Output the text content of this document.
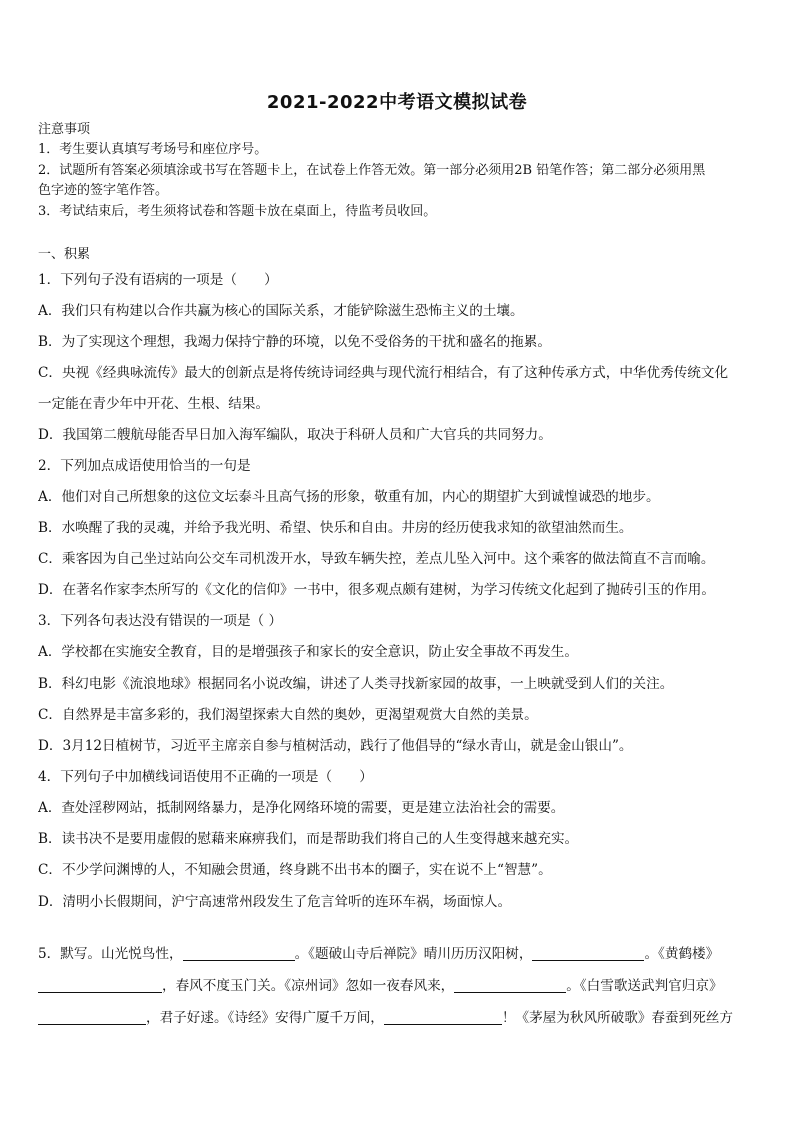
2021-2022中考语文模拟试卷
注意事项
1．考生要认真填写考场号和座位序号。
2．试题所有答案必须填涂或书写在答题卡上，在试卷上作答无效。第一部分必须用2B 铅笔作答；第二部分必须用黑
色字迹的签字笔作答。
3．考试结束后，考生须将试卷和答题卡放在桌面上，待监考员收回。
一、积累
1．下列句子没有语病的一项是（　　）
A．我们只有构建以合作共赢为核心的国际关系，才能铲除滋生恐怖主义的土壤。
B．为了实现这个理想，我竭力保持宁静的环境，以免不受俗务的干扰和盛名的拖累。
C．央视《经典咏流传》最大的创新点是将传统诗词经典与现代流行相结合，有了这种传承方式，中华优秀传统文化
一定能在青少年中开花、生根、结果。
D．我国第二艘航母能否早日加入海军编队，取决于科研人员和广大官兵的共同努力。
2．下列加点成语使用恰当的一句是
A．他们对自己所想象的这位文坛泰斗且高气扬的形象，敬重有加，内心的期望扩大到诚惶诚恐的地步。
B．水唤醒了我的灵魂，并给予我光明、希望、快乐和自由。井房的经历使我求知的欲望油然而生。
C．乘客因为自己坐过站向公交车司机泼开水，导致车辆失控，差点儿坠入河中。这个乘客的做法简直不言而喻。
D．在著名作家李杰所写的《文化的信仰》一书中，很多观点颇有建树，为学习传统文化起到了抛砖引玉的作用。
3．下列各句表达没有错误的一项是（ ）
A．学校都在实施安全教育，目的是增强孩子和家长的安全意识，防止安全事故不再发生。
B．科幻电影《流浪地球》根据同名小说改编，讲述了人类寻找新家园的故事，一上映就受到人们的关注。
C．自然界是丰富多彩的，我们渴望探索大自然的奥妙，更渴望观赏大自然的美景。
D．3月12日植树节，习近平主席亲自参与植树活动，践行了他倡导的“绿水青山，就是金山银山”。
4．下列句子中加横线词语使用不正确的一项是（　　）
A．查处淫秽网站，抵制网络暴力，是净化网络环境的需要，更是建立法治社会的需要。
B．读书决不是要用虚假的慰藉来麻痹我们，而是帮助我们将自己的人生变得越来越充实。
C．不少学问渊博的人，不知融会贯通，终身跳不出书本的圈子，实在说不上“智慧”。
D．清明小长假期间，沪宁高速常州段发生了危言耸听的连环车祸，场面惊人。
5．默写。山光悦鸟性，	。《题破山寺后禅院》晴川历历汉阳树，	。《黄鹤楼》
，春风不度玉门关。《凉州词》忽如一夜春风来，	。《白雪歌送武判官归京》
，君子好逑。《诗经》安得广厦千万间，	！《茅屋为秋风所破歌》春蚕到死丝方
